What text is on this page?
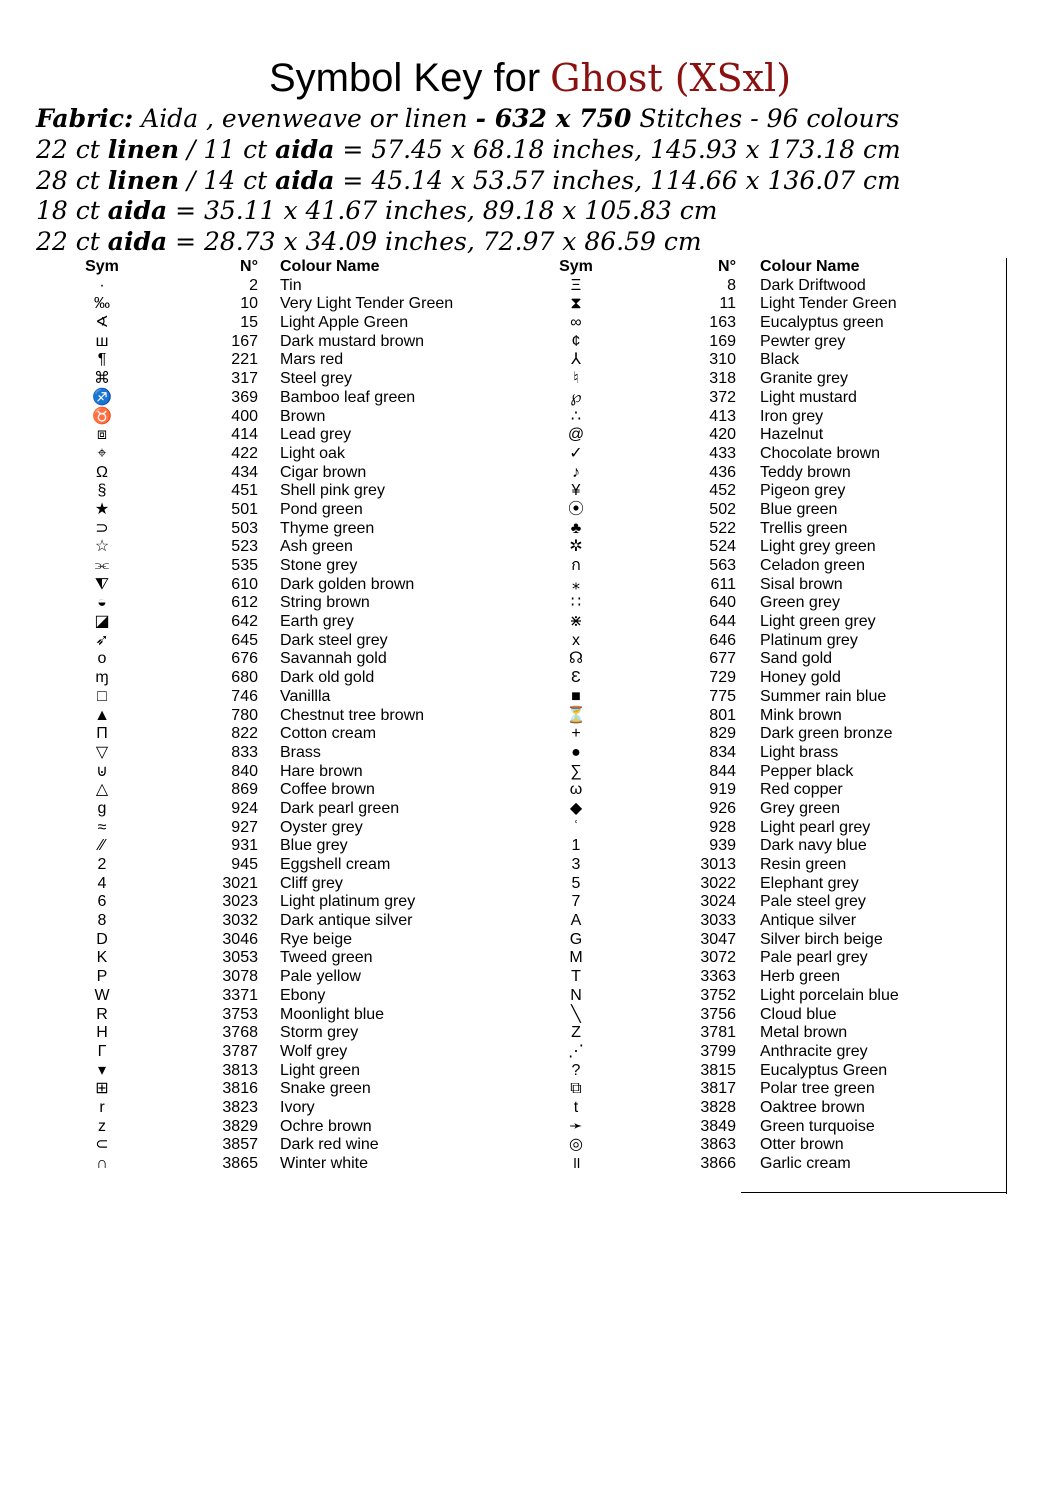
Symbol Key for Ghost (XSxl)
Fabric: Aida , evenweave or linen - 632 x 750 Stitches - 96 colours
22 ct linen / 11 ct aida = 57.45 x 68.18 inches, 145.93 x 173.18 cm
28 ct linen / 14 ct aida = 45.14 x 53.57 inches, 114.66 x 136.07 cm
18 ct aida = 35.11 x 41.67 inches, 89.18 x 105.83 cm
22 ct aida = 28.73 x 34.09 inches, 72.97 x 86.59 cm
Sym	N° Colour Name
·	2 Tin
‰	10 Very Light Tender Green
∢	15 Light Apple Green
ш	167 Dark mustard brown
¶	221 Mars red
⌘	317 Steel grey
♐	369 Bamboo leaf green
♉	400 Brown
⧈	414 Lead grey
⌖	422 Light oak
Ω	434 Cigar brown
§	451 Shell pink grey
★	501 Pond green
⊃	503 Thyme green
☆	523 Ash green
⫘	535 Stone grey
⧨	610 Dark golden brown
◒	612 String brown
◪	642 Earth grey
➶	645 Dark steel grey
o	676 Savannah gold
ɱ	680 Dark old gold
□	746 Vanillla
▲	780 Chestnut tree brown
Π	822 Cotton cream
▽	833 Brass
⊍	840 Hare brown
△	869 Coffee brown
g	924 Dark pearl green
≈	927 Oyster grey
⁄⁄	931 Blue grey
2	945 Eggshell cream
4	3021 Cliff grey
6	3023 Light platinum grey
8	3032 Dark antique silver
D	3046 Rye beige
K	3053 Tweed green
P	3078 Pale yellow
W	3371 Ebony
R	3753 Moonlight blue
H	3768 Storm grey
Γ	3787 Wolf grey
▾	3813 Light green
⊞	3816 Snake green
r	3823 Ivory
z	3829 Ochre brown
⊂	3857 Dark red wine
∩	3865 Winter white
Sym	N° Colour Name
Ξ	8 Dark Driftwood
⧗	11 Light Tender Green
∞	163 Eucalyptus green
¢	169 Pewter grey
⅄	310 Black
♮	318 Granite grey
℘	372 Light mustard
∴	413 Iron grey
@	420 Hazelnut
✓	433 Chocolate brown
♪	436 Teddy brown
¥	452 Pigeon grey
⦿	502 Blue green
♣	522 Trellis green
✲	524 Light grey green
ก	563 Celadon green
⁎	611 Sisal brown
∷	640 Green grey
⋇	644 Light green grey
x	646 Platinum grey
☊	677 Sand gold
Ɛ	729 Honey gold
■	775 Summer rain blue
⏳	801 Mink brown
+	829 Dark green bronze
●	834 Light brass
∑	844 Pepper black
ω	919 Red copper
◆	926 Grey green
ʿ	928 Light pearl grey
1	939 Dark navy blue
3	3013 Resin green
5	3022 Elephant grey
7	3024 Pale steel grey
A	3033 Antique silver
G	3047 Silver birch beige
M	3072 Pale pearl grey
T	3363 Herb green
N	3752 Light porcelain blue
╲	3756 Cloud blue
Z	3781 Metal brown
⋰	3799 Anthracite grey
?	3815 Eucalyptus Green
⧉	3817 Polar tree green
t	3828 Oaktree brown
➛	3849 Green turquoise
◎	3863 Otter brown
॥	3866 Garlic cream
